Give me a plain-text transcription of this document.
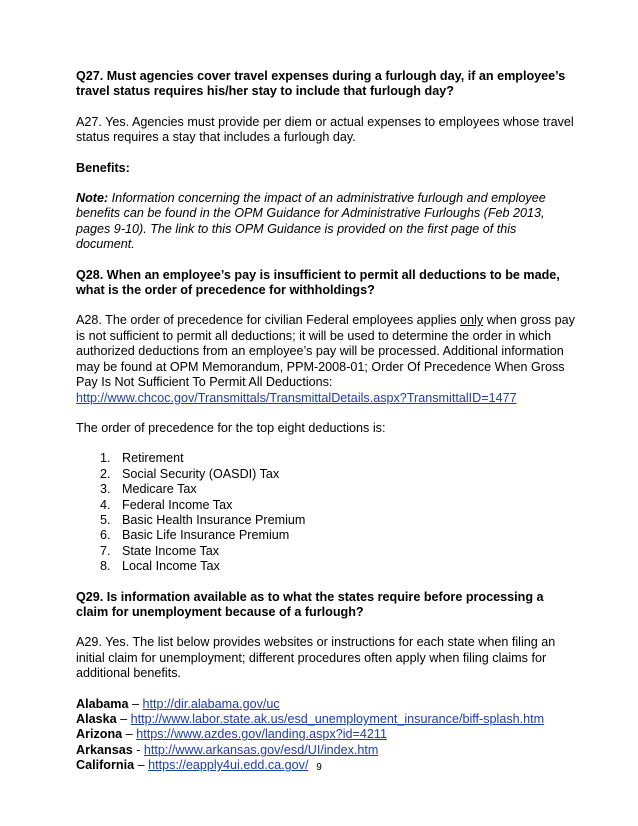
Q27. Must agencies cover travel expenses during a furlough day, if an employee’s travel status requires his/her stay to include that furlough day?

A27. Yes. Agencies must provide per diem or actual expenses to employees whose travel status requires a stay that includes a furlough day.

Benefits:

Note: Information concerning the impact of an administrative furlough and employee benefits can be found in the OPM Guidance for Administrative Furloughs (Feb 2013, pages 9-10). The link to this OPM Guidance is provided on the first page of this document.

Q28. When an employee’s pay is insufficient to permit all deductions to be made, what is the order of precedence for withholdings?

A28. The order of precedence for civilian Federal employees applies only when gross pay is not sufficient to permit all deductions; it will be used to determine the order in which authorized deductions from an employee’s pay will be processed. Additional information may be found at OPM Memorandum, PPM-2008-01; Order Of Precedence When Gross Pay Is Not Sufficient To Permit All Deductions:
http://www.chcoc.gov/Transmittals/TransmittalDetails.aspx?TransmittalID=1477

The order of precedence for the top eight deductions is:

1. Retirement
2. Social Security (OASDI) Tax
3. Medicare Tax
4. Federal Income Tax
5. Basic Health Insurance Premium
6. Basic Life Insurance Premium
7. State Income Tax
8. Local Income Tax

Q29. Is information available as to what the states require before processing a claim for unemployment because of a furlough?

A29. Yes. The list below provides websites or instructions for each state when filing an initial claim for unemployment; different procedures often apply when filing claims for additional benefits.

Alabama – http://dir.alabama.gov/uc

Alaska – http://www.labor.state.ak.us/esd_unemployment_insurance/biff-splash.htm

Arizona – https://www.azdes.gov/landing.aspx?id=4211

Arkansas - http://www.arkansas.gov/esd/UI/index.htm

California – https://eapply4ui.edd.ca.gov/ 9
